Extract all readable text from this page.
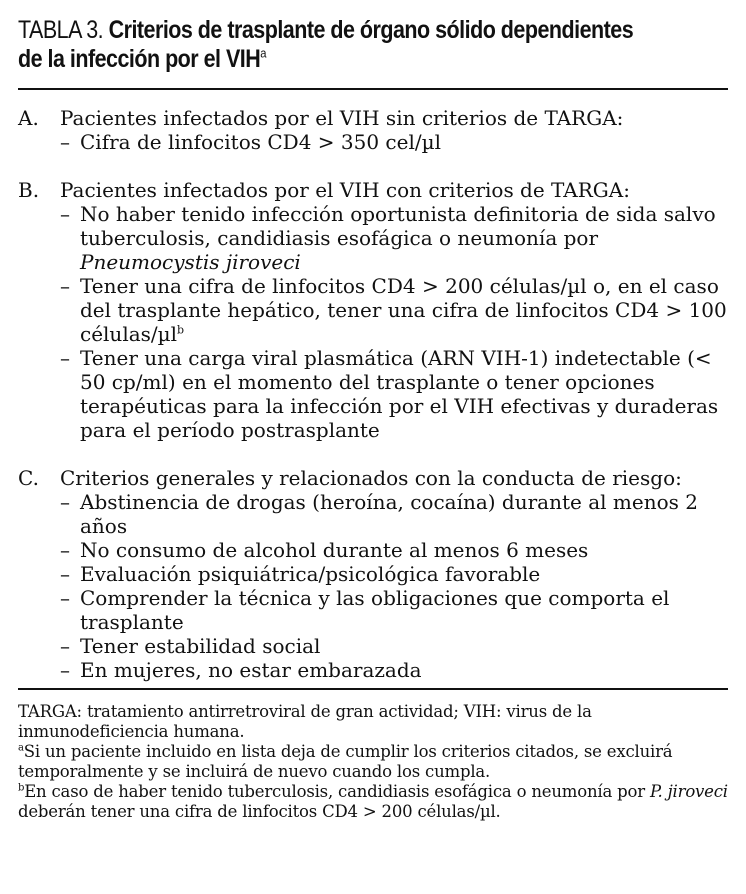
TABLA 3. Criterios de trasplante de órgano sólido dependientes
de la infección por el VIH$^a$
A.	Pacientes infectados por el VIH sin criterios de TARGA:
– Cifra de linfocitos CD4 > 350 cel/µl
B.	Pacientes infectados por el VIH con criterios de TARGA:
– No haber tenido infección oportunista definitoria de sida salvo tuberculosis, candidiasis esofágica o neumonía por Pneumocystis jiroveci
– Tener una cifra de linfocitos CD4 > 200 células/µl o, en el caso del trasplante hepático, tener una cifra de linfocitos CD4 > 100 células/µl$^b$
– Tener una carga viral plasmática (ARN VIH-1) indetectable (< 50 cp/ml) en el momento del trasplante o tener opciones terapéuticas para la infección por el VIH efectivas y duraderas para el período postrasplante
C.	Criterios generales y relacionados con la conducta de riesgo:
– Abstinencia de drogas (heroína, cocaína) durante al menos 2 años
– No consumo de alcohol durante al menos 6 meses
– Evaluación psiquiátrica/psicológica favorable
– Comprender la técnica y las obligaciones que comporta el trasplante
– Tener estabilidad social
– En mujeres, no estar embarazada

TARGA: tratamiento antirretroviral de gran actividad; VIH: virus de la inmunodeficiencia humana.

$^a$Si un paciente incluido en lista deja de cumplir los criterios citados, se excluirá temporalmente y se incluirá de nuevo cuando los cumpla.

$^b$En caso de haber tenido tuberculosis, candidiasis esofágica o neumonía por P. jiroveci deberán tener una cifra de linfocitos CD4 > 200 células/µl.
